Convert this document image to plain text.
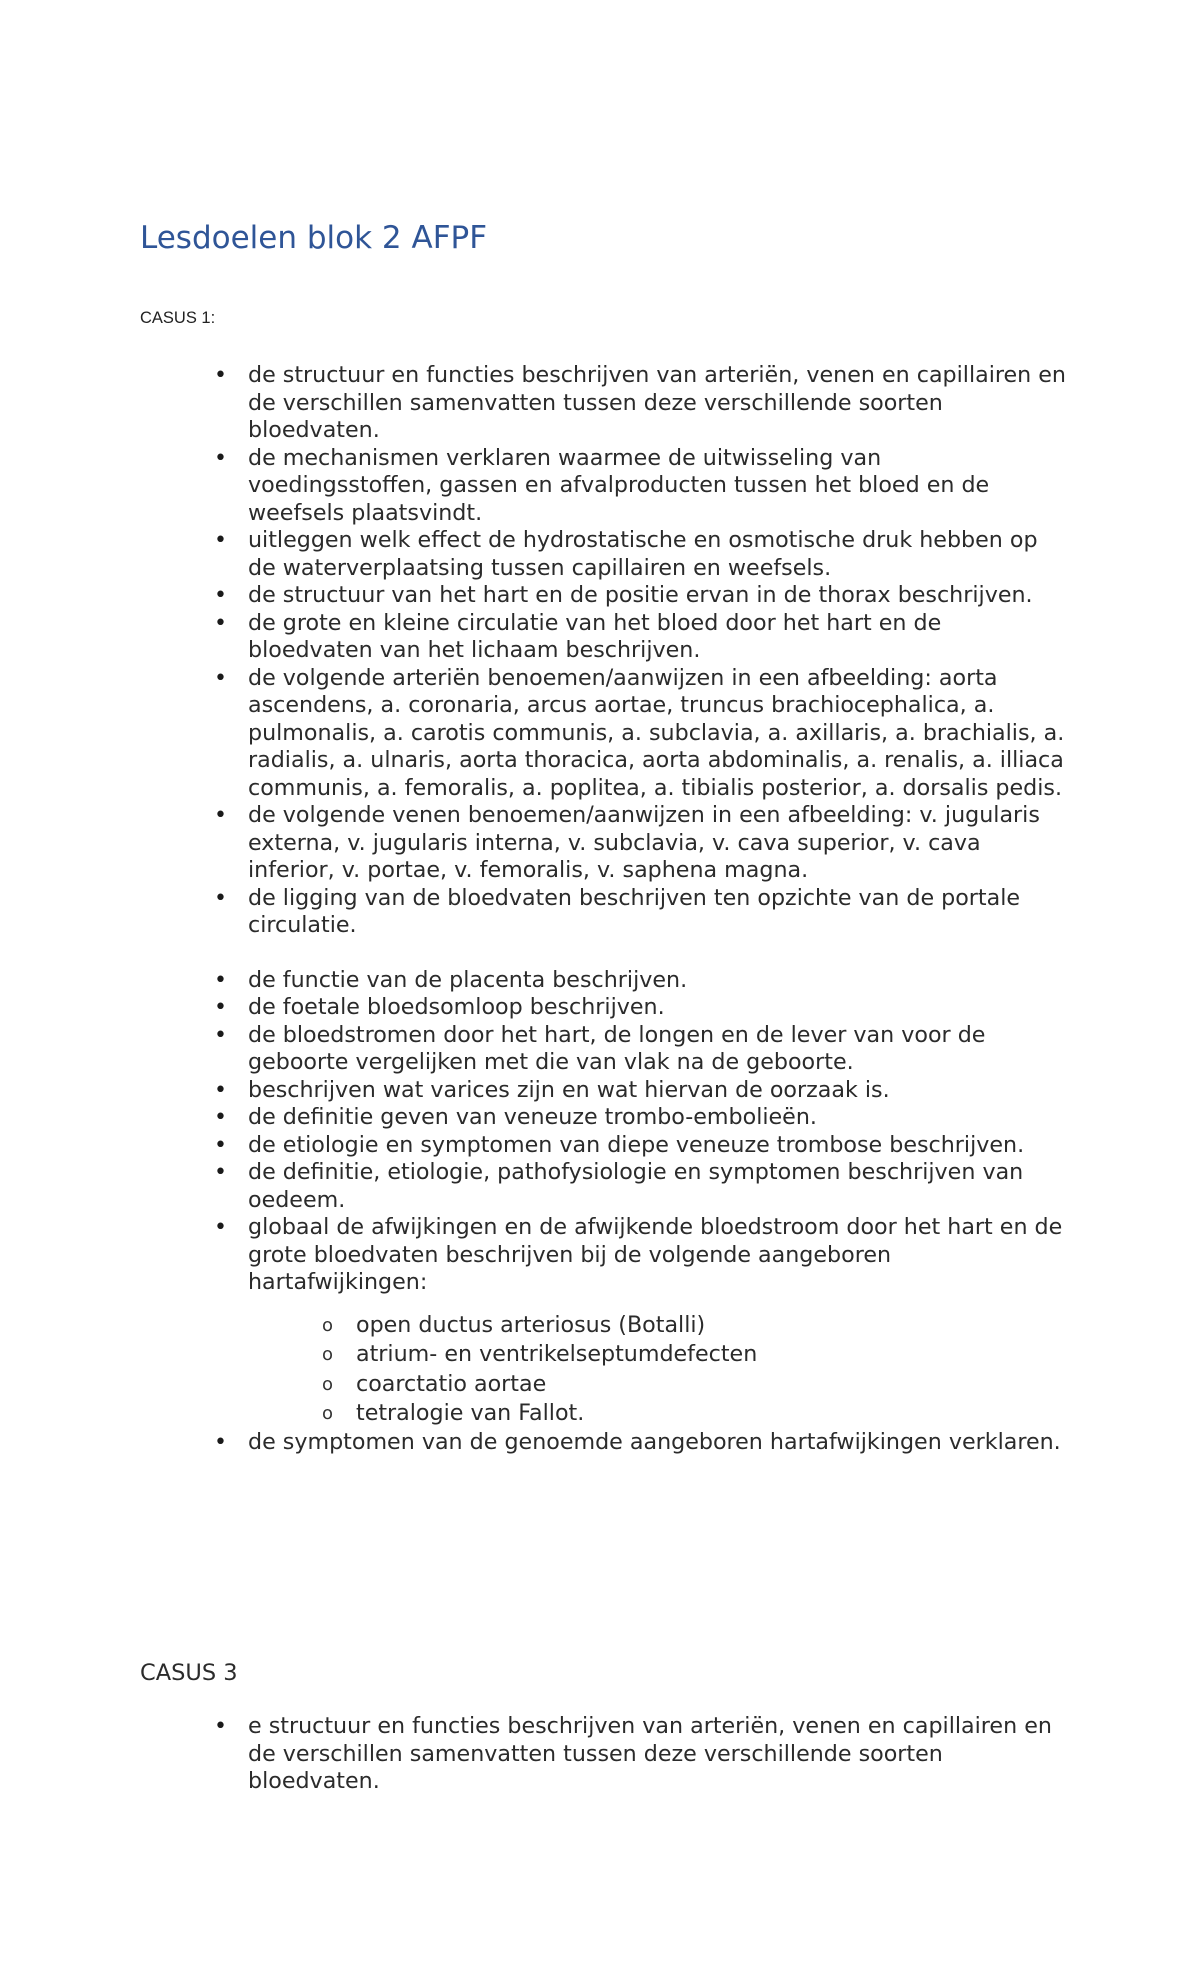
Lesdoelen blok 2 AFPF

CASUS 1:

• de structuur en functies beschrijven van arteriën, venen en capillairen en de verschillen samenvatten tussen deze verschillende soorten bloedvaten.
• de mechanismen verklaren waarmee de uitwisseling van voedingsstoffen, gassen en afvalproducten tussen het bloed en de weefsels plaatsvindt.
• uitleggen welk effect de hydrostatische en osmotische druk hebben op de waterverplaatsing tussen capillairen en weefsels.
• de structuur van het hart en de positie ervan in de thorax beschrijven.
• de grote en kleine circulatie van het bloed door het hart en de bloedvaten van het lichaam beschrijven.
• de volgende arteriën benoemen/aanwijzen in een afbeelding: aorta ascendens, a. coronaria, arcus aortae, truncus brachiocephalica, a. pulmonalis, a. carotis communis, a. subclavia, a. axillaris, a. brachialis, a. radialis, a. ulnaris, aorta thoracica, aorta abdominalis, a. renalis, a. illiaca communis, a. femoralis, a. poplitea, a. tibialis posterior, a. dorsalis pedis.
• de volgende venen benoemen/aanwijzen in een afbeelding: v. jugularis externa, v. jugularis interna, v. subclavia, v. cava superior, v. cava inferior, v. portae, v. femoralis, v. saphena magna.
• de ligging van de bloedvaten beschrijven ten opzichte van de portale circulatie.
• de functie van de placenta beschrijven.
• de foetale bloedsomloop beschrijven.
• de bloedstromen door het hart, de longen en de lever van voor de geboorte vergelijken met die van vlak na de geboorte.
• beschrijven wat varices zijn en wat hiervan de oorzaak is.
• de definitie geven van veneuze trombo-embolieën.
• de etiologie en symptomen van diepe veneuze trombose beschrijven.
• de definitie, etiologie, pathofysiologie en symptomen beschrijven van oedeem.
• globaal de afwijkingen en de afwijkende bloedstroom door het hart en de grote bloedvaten beschrijven bij de volgende aangeboren hartafwijkingen:
o open ductus arteriosus (Botalli)
o atrium- en ventrikelseptumdefecten
o coarctatio aortae
o tetralogie van Fallot.
• de symptomen van de genoemde aangeboren hartafwijkingen verklaren.

CASUS 3

• e structuur en functies beschrijven van arteriën, venen en capillairen en de verschillen samenvatten tussen deze verschillende soorten bloedvaten.
